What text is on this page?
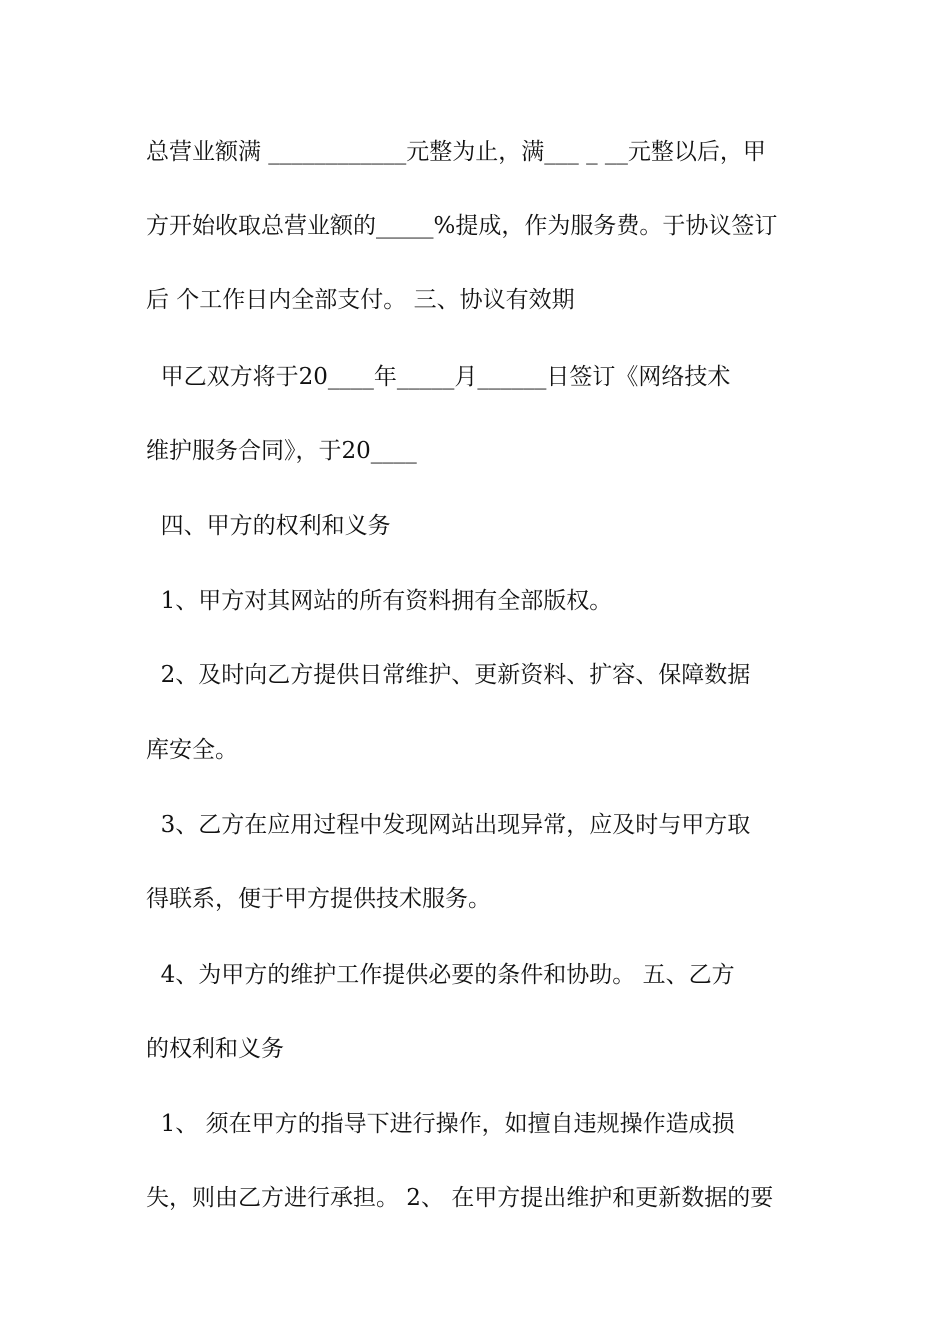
总营业额满 ____________元整为止，满___ _ __元整以后，甲
方开始收取总营业额的_____%提成，作为服务费。于协议签订
后 个工作日内全部支付。 三、协议有效期
甲乙双方将于20____年_____月______日签订《网络技术
维护服务合同》，于20____
四、甲方的权利和义务
1、甲方对其网站的所有资料拥有全部版权。
2、及时向乙方提供日常维护、更新资料、扩容、保障数据
库安全。
3、乙方在应用过程中发现网站出现异常，应及时与甲方取
得联系，便于甲方提供技术服务。
4、为甲方的维护工作提供必要的条件和协助。 五、乙方
的权利和义务
1、 须在甲方的指导下进行操作，如擅自违规操作造成损
失，则由乙方进行承担。 2、 在甲方提出维护和更新数据的要
